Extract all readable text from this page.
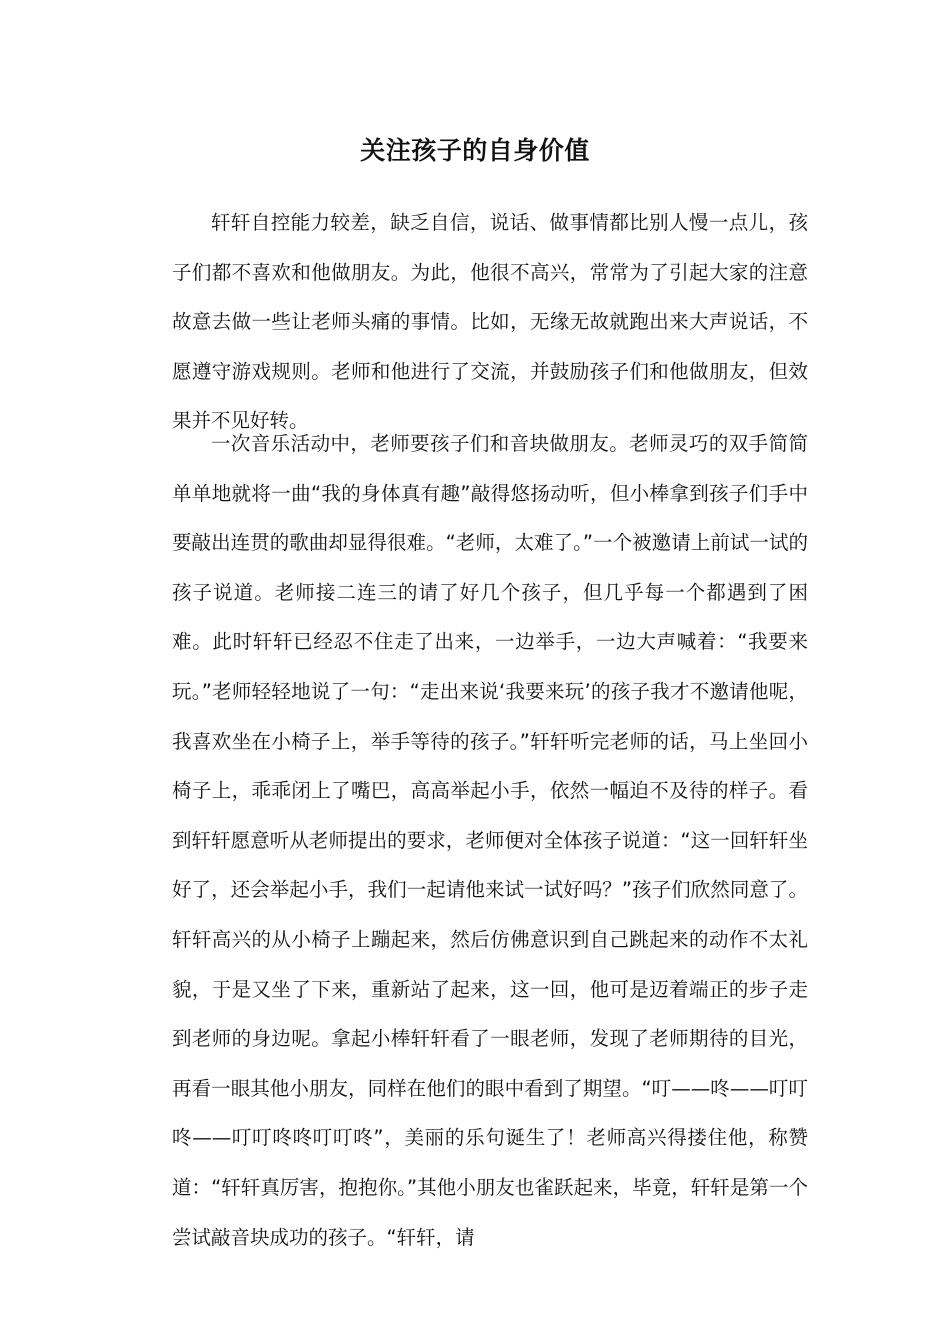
关注孩子的自身价值

轩轩自控能力较差，缺乏自信，说话、做事情都比别人慢一点儿，孩子们都不喜欢和他做朋友。为此，他很不高兴，常常为了引起大家的注意故意去做一些让老师头痛的事情。比如，无缘无故就跑出来大声说话，不愿遵守游戏规则。老师和他进行了交流，并鼓励孩子们和他做朋友，但效果并不见好转。

一次音乐活动中，老师要孩子们和音块做朋友。老师灵巧的双手简简单单地就将一曲“我的身体真有趣”敲得悠扬动听，但小棒拿到孩子们手中要敲出连贯的歌曲却显得很难。“老师，太难了。”一个被邀请上前试一试的孩子说道。老师接二连三的请了好几个孩子，但几乎每一个都遇到了困难。此时轩轩已经忍不住走了出来，一边举手，一边大声喊着：“我要来玩。”老师轻轻地说了一句：“走出来说‘我要来玩’的孩子我才不邀请他呢，我喜欢坐在小椅子上，举手等待的孩子。”轩轩听完老师的话，马上坐回小椅子上，乖乖闭上了嘴巴，高高举起小手，依然一幅迫不及待的样子。看到轩轩愿意听从老师提出的要求，老师便对全体孩子说道：“这一回轩轩坐好了，还会举起小手，我们一起请他来试一试好吗？”孩子们欣然同意了。轩轩高兴的从小椅子上蹦起来，然后仿佛意识到自己跳起来的动作不太礼貌，于是又坐了下来，重新站了起来，这一回，他可是迈着端正的步子走到老师的身边呢。拿起小棒轩轩看了一眼老师，发现了老师期待的目光，再看一眼其他小朋友，同样在他们的眼中看到了期望。“叮——咚——叮叮咚——叮叮咚咚叮叮咚”，美丽的乐句诞生了！老师高兴得搂住他，称赞道：“轩轩真厉害，抱抱你。”其他小朋友也雀跃起来，毕竟，轩轩是第一个尝试敲音块成功的孩子。“轩轩，请
